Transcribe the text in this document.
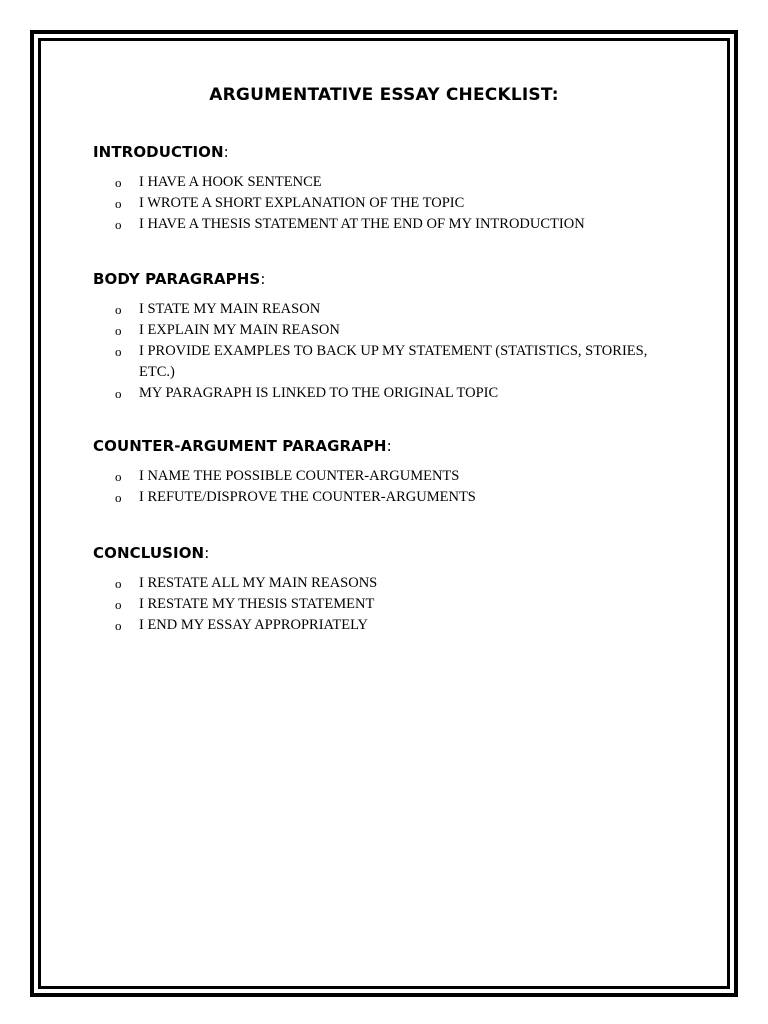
ARGUMENTATIVE ESSAY CHECKLIST:
INTRODUCTION:
o I HAVE A HOOK SENTENCE
o I WROTE A SHORT EXPLANATION OF THE TOPIC
o I HAVE A THESIS STATEMENT AT THE END OF MY INTRODUCTION
BODY PARAGRAPHS:
o I STATE MY MAIN REASON
o I EXPLAIN MY MAIN REASON
o I PROVIDE EXAMPLES TO BACK UP MY STATEMENT (STATISTICS, STORIES, ETC.)
o MY PARAGRAPH IS LINKED TO THE ORIGINAL TOPIC
COUNTER-ARGUMENT PARAGRAPH:
o I NAME THE POSSIBLE COUNTER-ARGUMENTS
o I REFUTE/DISPROVE THE COUNTER-ARGUMENTS
CONCLUSION:
o I RESTATE ALL MY MAIN REASONS
o I RESTATE MY THESIS STATEMENT
o I END MY ESSAY APPROPRIATELY
